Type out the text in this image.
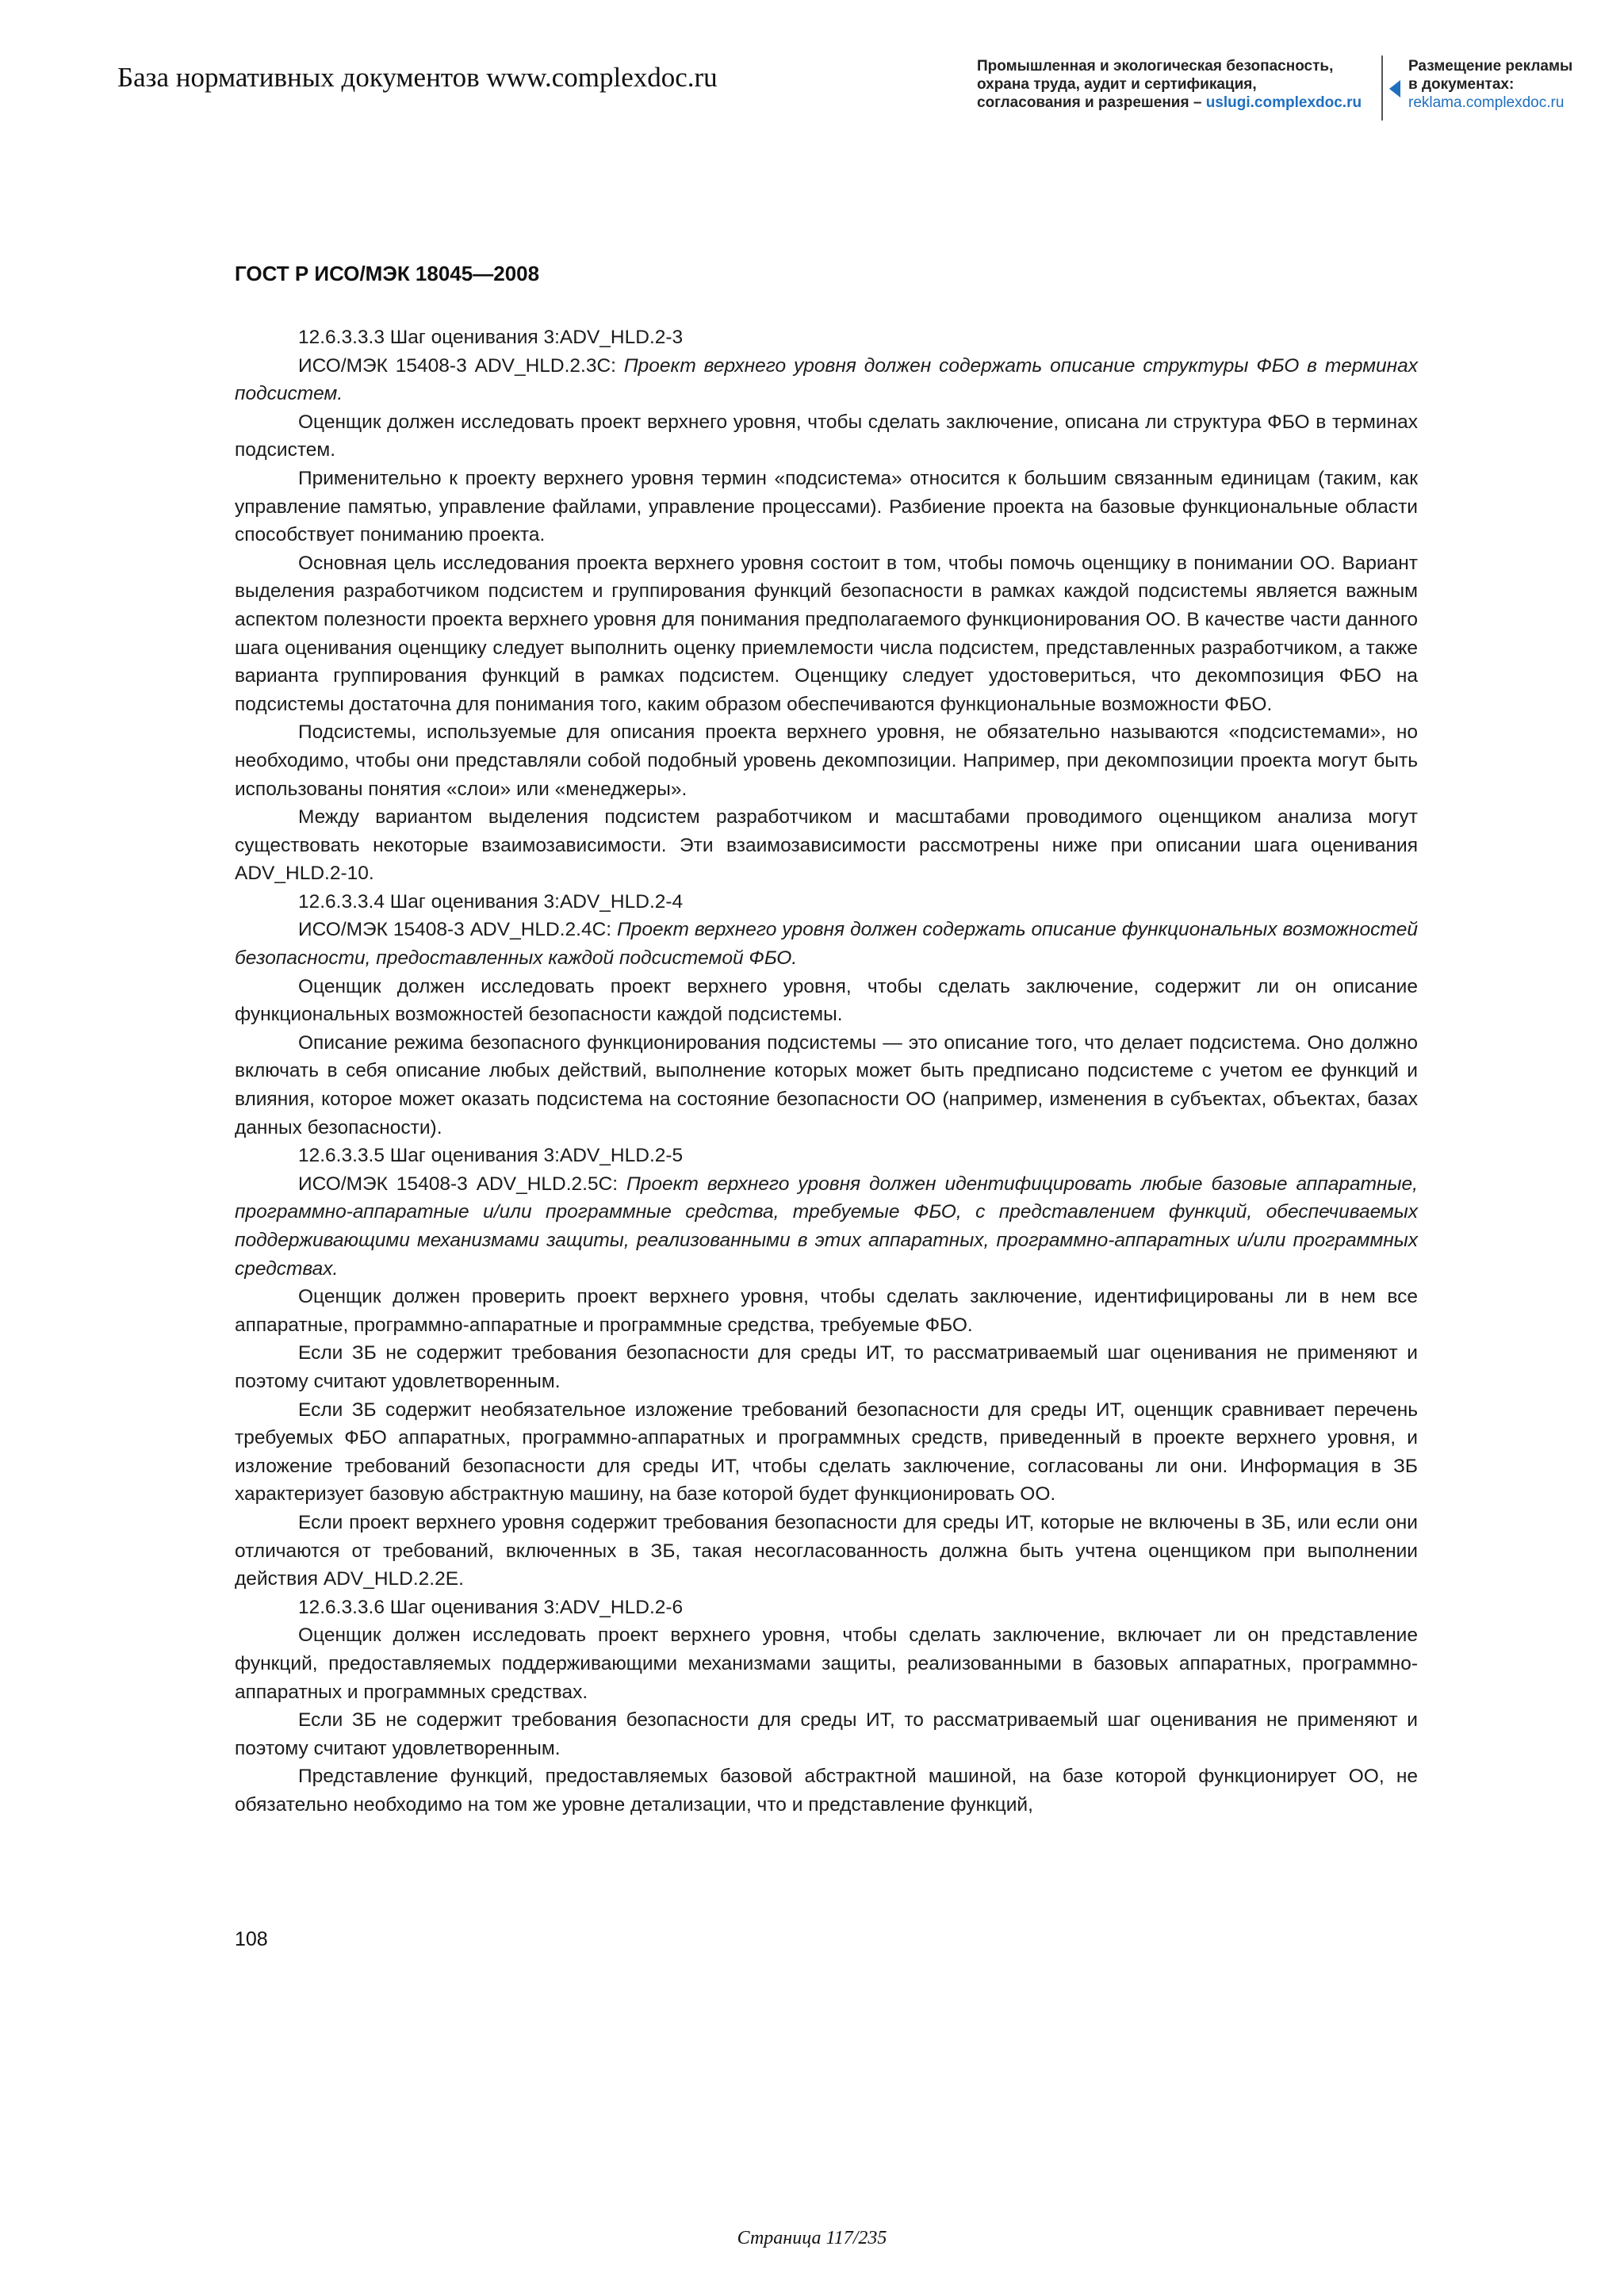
База нормативных документов www.complexdoc.ru	Промышленная и экологическая безопасность,
охрана труда, аудит и сертификация,
согласования и разрешения – uslugi.complexdoc.ru
Размещение рекламы
в документах:
reklama.complexdoc.ru
ГОСТ Р ИСО/МЭК 18045—2008

12.6.3.3.3 Шаг оценивания 3:ADV_HLD.2-3

ИСО/МЭК 15408-3 ADV_HLD.2.3С: Проект верхнего уровня должен содержать описание структуры ФБО в терминах подсистем.

Оценщик должен исследовать проект верхнего уровня, чтобы сделать заключение, описана ли структура ФБО в терминах подсистем.

Применительно к проекту верхнего уровня термин «подсистема» относится к большим связанным единицам (таким, как управление памятью, управление файлами, управление процессами). Разбиение проекта на базовые функциональные области способствует пониманию проекта.

Основная цель исследования проекта верхнего уровня состоит в том, чтобы помочь оценщику в понимании ОО. Вариант выделения разработчиком подсистем и группирования функций безопасности в рамках каждой подсистемы является важным аспектом полезности проекта верхнего уровня для понимания предполагаемого функционирования ОО. В качестве части данного шага оценивания оценщику следует выполнить оценку приемлемости числа подсистем, представленных разработчиком, а также варианта группирования функций в рамках подсистем. Оценщику следует удостовериться, что декомпозиция ФБО на подсистемы достаточна для понимания того, каким образом обеспечиваются функциональные возможности ФБО.

Подсистемы, используемые для описания проекта верхнего уровня, не обязательно называются «подсистемами», но необходимо, чтобы они представляли собой подобный уровень декомпозиции. Например, при декомпозиции проекта могут быть использованы понятия «слои» или «менеджеры».

Между вариантом выделения подсистем разработчиком и масштабами проводимого оценщиком анализа могут существовать некоторые взаимозависимости. Эти взаимозависимости рассмотрены ниже при описании шага оценивания ADV_HLD.2-10.

12.6.3.3.4 Шаг оценивания 3:ADV_HLD.2-4

ИСО/МЭК 15408-3 ADV_HLD.2.4С: Проект верхнего уровня должен содержать описание функциональных возможностей безопасности, предоставленных каждой подсистемой ФБО.

Оценщик должен исследовать проект верхнего уровня, чтобы сделать заключение, содержит ли он описание функциональных возможностей безопасности каждой подсистемы.

Описание режима безопасного функционирования подсистемы — это описание того, что делает подсистема. Оно должно включать в себя описание любых действий, выполнение которых может быть предписано подсистеме с учетом ее функций и влияния, которое может оказать подсистема на состояние безопасности ОО (например, изменения в субъектах, объектах, базах данных безопасности).

12.6.3.3.5 Шаг оценивания 3:ADV_HLD.2-5

ИСО/МЭК 15408-3 ADV_HLD.2.5С: Проект верхнего уровня должен идентифицировать любые базовые аппаратные, программно-аппаратные и/или программные средства, требуемые ФБО, с представлением функций, обеспечиваемых поддерживающими механизмами защиты, реализованными в этих аппаратных, программно-аппаратных и/или программных средствах.

Оценщик должен проверить проект верхнего уровня, чтобы сделать заключение, идентифицированы ли в нем все аппаратные, программно-аппаратные и программные средства, требуемые ФБО.

Если ЗБ не содержит требования безопасности для среды ИТ, то рассматриваемый шаг оценивания не применяют и поэтому считают удовлетворенным.

Если ЗБ содержит необязательное изложение требований безопасности для среды ИТ, оценщик сравнивает перечень требуемых ФБО аппаратных, программно-аппаратных и программных средств, приведенный в проекте верхнего уровня, и изложение требований безопасности для среды ИТ, чтобы сделать заключение, согласованы ли они. Информация в ЗБ характеризует базовую абстрактную машину, на базе которой будет функционировать ОО.

Если проект верхнего уровня содержит требования безопасности для среды ИТ, которые не включены в ЗБ, или если они отличаются от требований, включенных в ЗБ, такая несогласованность должна быть учтена оценщиком при выполнении действия ADV_HLD.2.2E.

12.6.3.3.6 Шаг оценивания 3:ADV_HLD.2-6

Оценщик должен исследовать проект верхнего уровня, чтобы сделать заключение, включает ли он представление функций, предоставляемых поддерживающими механизмами защиты, реализованными в базовых аппаратных, программно-аппаратных и программных средствах.

Если ЗБ не содержит требования безопасности для среды ИТ, то рассматриваемый шаг оценивания не применяют и поэтому считают удовлетворенным.

Представление функций, предоставляемых базовой абстрактной машиной, на базе которой функционирует ОО, не обязательно необходимо на том же уровне детализации, что и представление функций,

108
Страница 117/235
